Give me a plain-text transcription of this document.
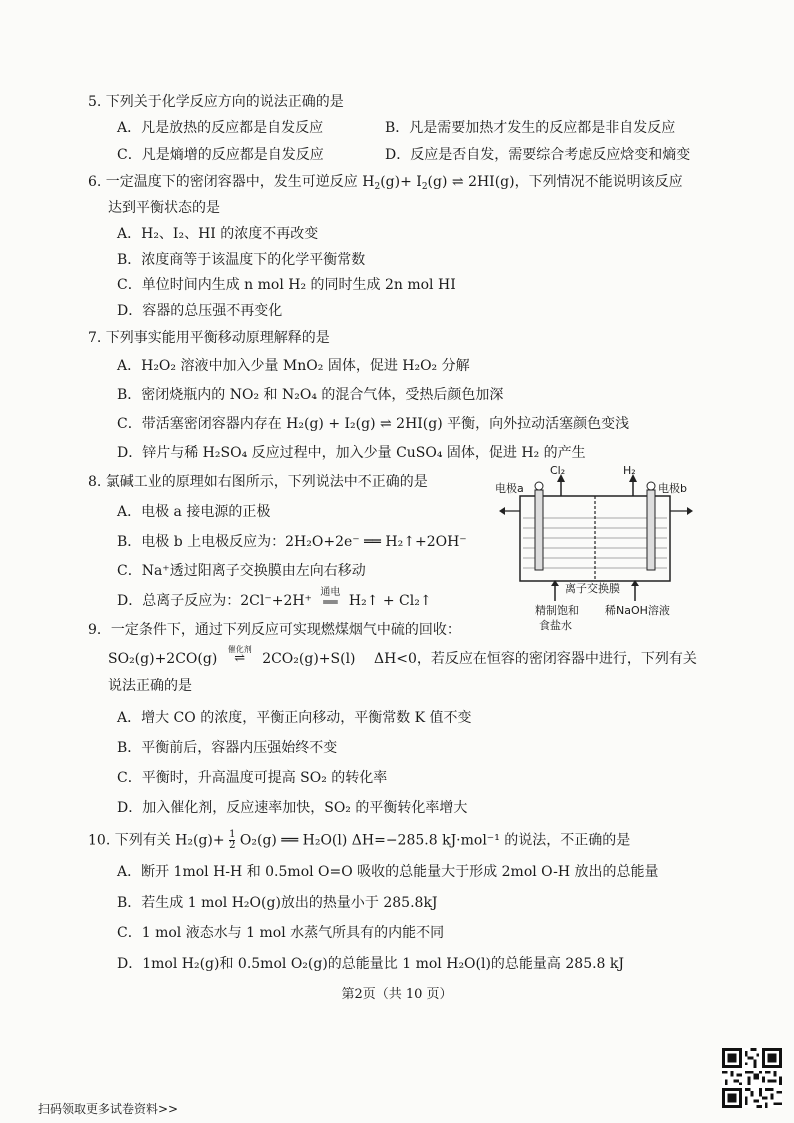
5. 下列关于化学反应方向的说法正确的是
A．凡是放热的反应都是自发反应	B．凡是需要加热才发生的反应都是非自发反应
C．凡是熵增的反应都是自发反应	D．反应是否自发，需要综合考虑反应焓变和熵变
6. 一定温度下的密闭容器中，发生可逆反应 $H_2(g)+ I_2(g)$ ⇌ 2HI(g)，下列情况不能说明该反应
达到平衡状态的是
A．H₂、I₂、HI 的浓度不再改变
B．浓度商等于该温度下的化学平衡常数
C．单位时间内生成 n mol H₂ 的同时生成 2n mol HI
D．容器的总压强不再变化
7. 下列事实能用平衡移动原理解释的是
A．H₂O₂ 溶液中加入少量 MnO₂ 固体，促进 H₂O₂ 分解
B．密闭烧瓶内的 NO₂ 和 N₂O₄ 的混合气体，受热后颜色加深
C．带活塞密闭容器内存在 H₂(g) + I₂(g) ⇌ 2HI(g) 平衡，向外拉动活塞颜色变浅
D．锌片与稀 H₂SO₄ 反应过程中，加入少量 CuSO₄ 固体，促进 H₂ 的产生
8. 氯碱工业的原理如右图所示，下列说法中不正确的是
A．电极 a 接电源的正极
B．电极 b 上电极反应为：2H₂O+2e⁻ ══ H₂↑+2OH⁻
C．Na⁺透过阳离子交换膜由左向右移动
D．总离子反应为：2Cl⁻+2H⁺
通电
══ H₂↑ + Cl₂↑
Cl₂	H₂
电极a	电极b
离子交换膜
精制饱和
食盐水
稀NaOH溶液
9．一定条件下，通过下列反应可实现燃煤烟气中硫的回收：
SO₂(g)+2CO(g)
催化剂
⇌	2CO₂(g)+S(l) ΔH<0，若反应在恒容的密闭容器中进行，下列有关
说法正确的是
A．增大 CO 的浓度，平衡正向移动，平衡常数 K 值不变
B．平衡前后，容器内压强始终不变
C．平衡时，升高温度可提高 SO₂ 的转化率
D．加入催化剂，反应速率加快，SO₂ 的平衡转化率增大
10. 下列有关 $H_2(g)+ \frac{1}{2} O_2(g)$ ══ H₂O(l) ΔH=−285.8 kJ·mol⁻¹ 的说法，不正确的是
A．断开 1mol H-H 和 0.5mol O=O 吸收的总能量大于形成 2mol O-H 放出的总能量
B．若生成 1 mol H₂O(g)放出的热量小于 285.8kJ
C．1 mol 液态水与 1 mol 水蒸气所具有的内能不同
D．1mol H₂(g)和 0.5mol O₂(g)的总能量比 1 mol H₂O(l)的总能量高 285.8 kJ
第2页（共 10 页）
扫码领取更多试卷资料>>
